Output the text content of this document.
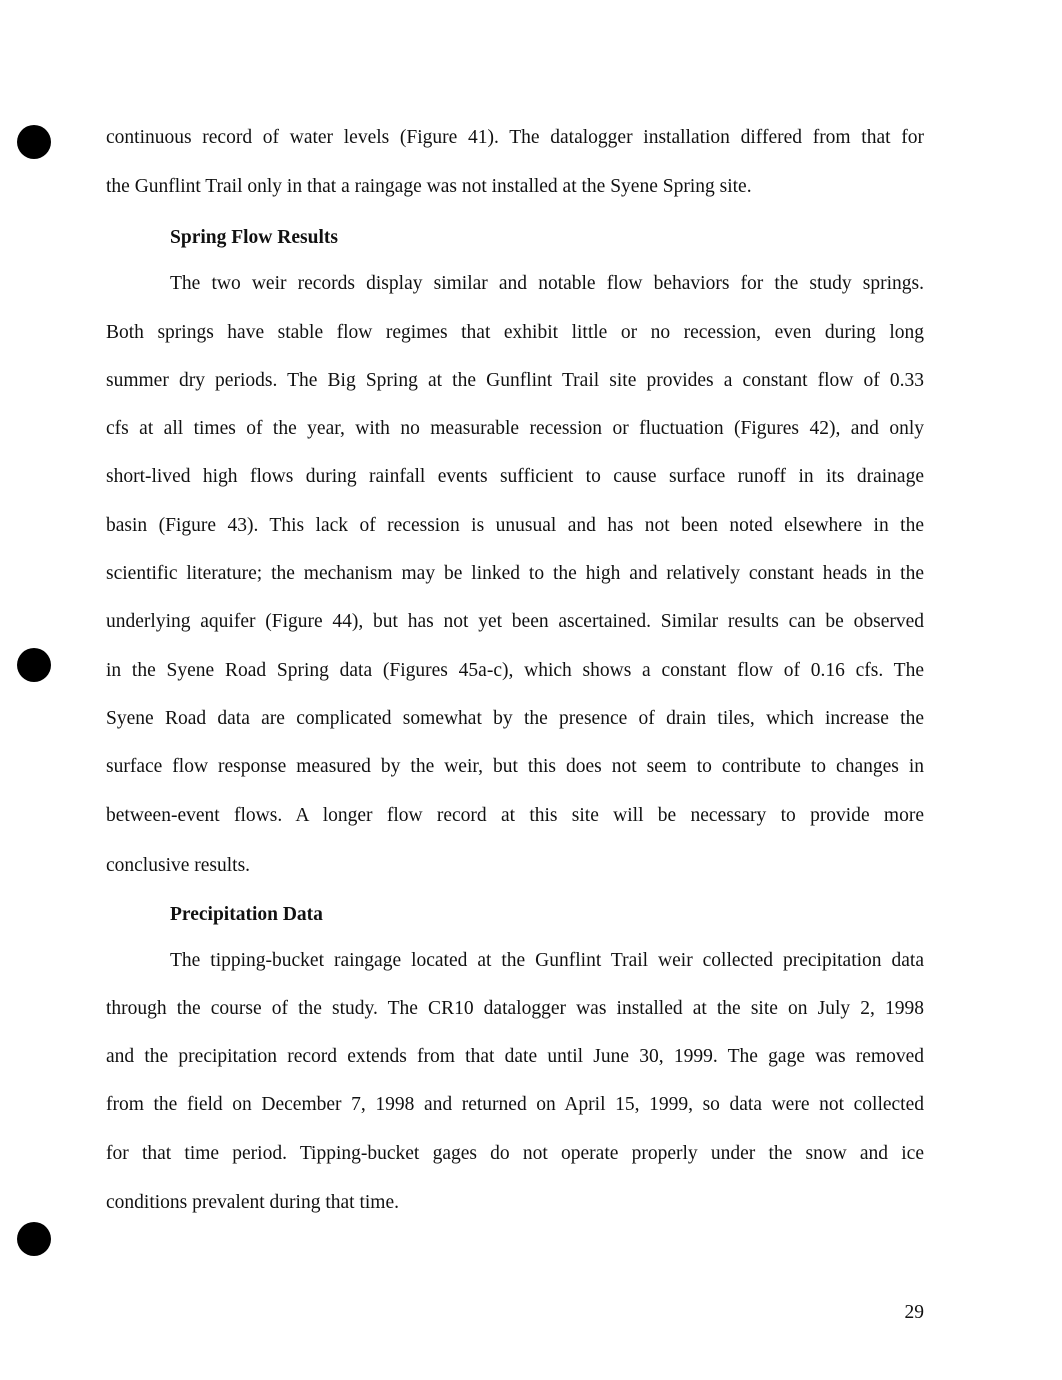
continuous record of water levels (Figure 41). The datalogger installation differed from that for
the Gunflint Trail only in that a raingage was not installed at the Syene Spring site.
Spring Flow Results
The two weir records display similar and notable flow behaviors for the study springs.
Both springs have stable flow regimes that exhibit little or no recession, even during long
summer dry periods. The Big Spring at the Gunflint Trail site provides a constant flow of 0.33
cfs at all times of the year, with no measurable recession or fluctuation (Figures 42), and only
short-lived high flows during rainfall events sufficient to cause surface runoff in its drainage
basin (Figure 43). This lack of recession is unusual and has not been noted elsewhere in the
scientific literature; the mechanism may be linked to the high and relatively constant heads in the
underlying aquifer (Figure 44), but has not yet been ascertained. Similar results can be observed
in the Syene Road Spring data (Figures 45a-c), which shows a constant flow of 0.16 cfs. The
Syene Road data are complicated somewhat by the presence of drain tiles, which increase the
surface flow response measured by the weir, but this does not seem to contribute to changes in
between-event flows. A longer flow record at this site will be necessary to provide more
conclusive results.
Precipitation Data
The tipping-bucket raingage located at the Gunflint Trail weir collected precipitation data
through the course of the study. The CR10 datalogger was installed at the site on July 2, 1998
and the precipitation record extends from that date until June 30, 1999. The gage was removed
from the field on December 7, 1998 and returned on April 15, 1999, so data were not collected
for that time period. Tipping-bucket gages do not operate properly under the snow and ice
conditions prevalent during that time.
29
